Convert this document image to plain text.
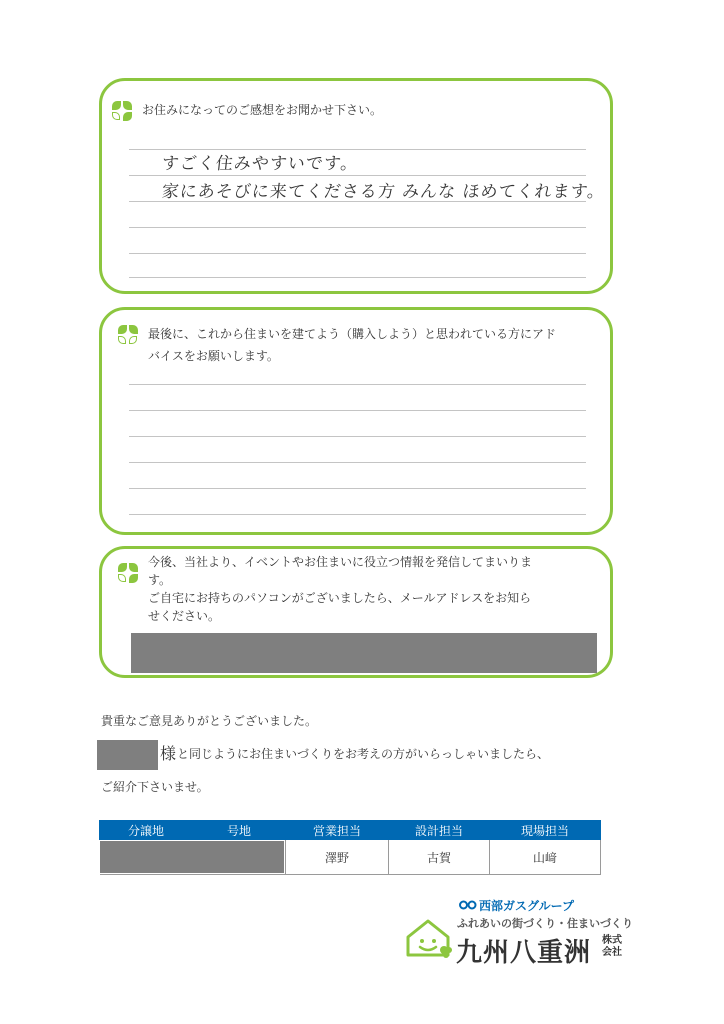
お住みになってのご感想をお聞かせ下さい。
すごく住みやすいです。
家にあそびに来てくださる方 みんな ほめてくれます。
最後に、これから住まいを建てよう（購入しよう）と思われている方にアド
バイスをお願いします。
今後、当社より、イベントやお住まいに役立つ情報を発信してまいりま
す。
ご自宅にお持ちのパソコンがございましたら、メールアドレスをお知ら
せください。
貴重なご意見ありがとうございました。
様 と同じようにお住まいづくりをお考えの方がいらっしゃいましたら、
ご紹介下さいませ。
分譲地	号地	営業担当	設計担当	現場担当

		澤野	古賀	山﨑
西部ガスグループ
ふれあいの街づくり・住まいづくり
九州八重洲 株式
会社
